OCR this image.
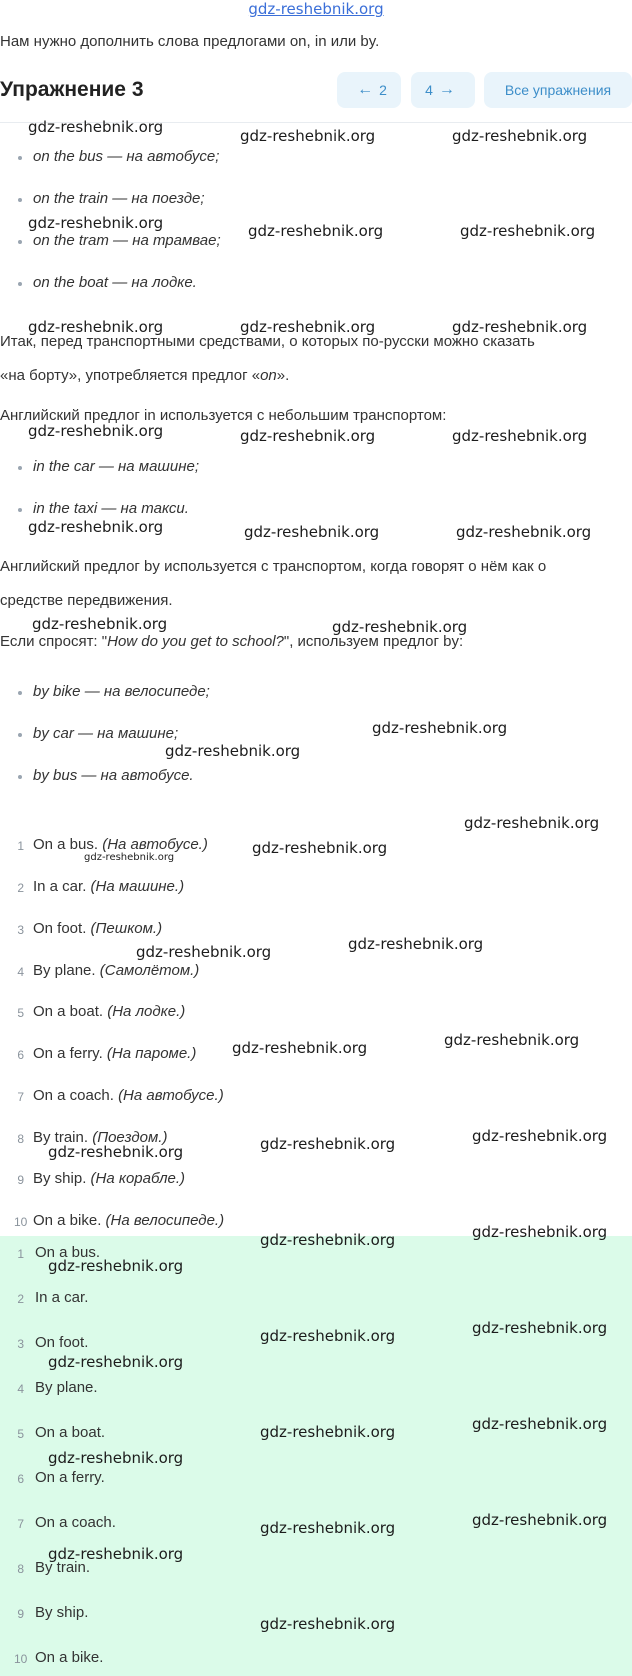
gdz-reshebnik.org
Нам нужно дополнить слова предлогами on, in или by.
Упражнение 3	← 2	4 →	Все упражнения
on the bus — на автобусе;
on the train — на поезде;
on the tram — на трамвае;
on the boat — на лодке.
Итак, перед транспортными средствами, о которых по-русски можно сказать
«на борту», употребляется предлог «on».
Английский предлог in используется с небольшим транспортом:
in the car — на машине;
in the taxi — на такси.
Английский предлог by используется с транспортом, когда говорят о нём как о
средстве передвижения.
Если спросят: "How do you get to school?", используем предлог by:
by bike — на велосипеде;
by car — на машине;
by bus — на автобусе.
1 On a bus. (На автобусе.)
2 In a car. (На машине.)
3 On foot. (Пешком.)
4 By plane. (Самолётом.)
5 On a boat. (На лодке.)
6 On a ferry. (На пароме.)
7 On a coach. (На автобусе.)
8 By train. (Поездом.)
9 By ship. (На корабле.)
10 On a bike. (На велосипеде.)
1 On a bus.
2 In a car.
3 On foot.
4 By plane.
5 On a boat.
6 On a ferry.
7 On a coach.
8 By train.
9 By ship.
10 On a bike.
gdz-reshebnik.org	gdz-reshebnik.org	gdz-reshebnik.org
gdz-reshebnik.org	gdz-reshebnik.org	gdz-reshebnik.org
gdz-reshebnik.org	gdz-reshebnik.org	gdz-reshebnik.org
gdz-reshebnik.org	gdz-reshebnik.org	gdz-reshebnik.org
gdz-reshebnik.org	gdz-reshebnik.org	gdz-reshebnik.org
gdz-reshebnik.org	gdz-reshebnik.org
gdz-reshebnik.org
gdz-reshebnik.org
gdz-reshebnik.org
gdz-reshebnik.org
gdz-reshebnik.org
gdz-reshebnik.org	gdz-reshebnik.org
gdz-reshebnik.org	gdz-reshebnik.org
gdz-reshebnik.org	gdz-reshebnik.org	gdz-reshebnik.org
gdz-reshebnik.org	gdz-reshebnik.org
gdz-reshebnik.org
gdz-reshebnik.org	gdz-reshebnik.org
gdz-reshebnik.org
gdz-reshebnik.org	gdz-reshebnik.org
gdz-reshebnik.org
gdz-reshebnik.org	gdz-reshebnik.org
gdz-reshebnik.org
gdz-reshebnik.org
